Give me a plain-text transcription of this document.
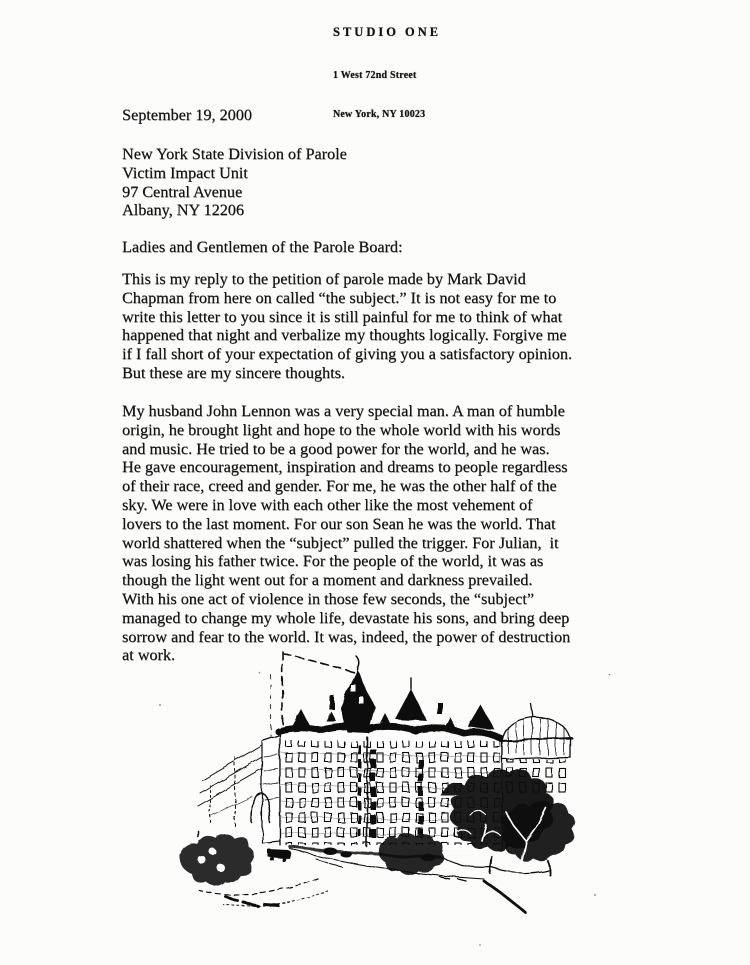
STUDIO ONE

1 West 72nd Street

New York, NY 10023

September 19, 2000
New York State Division of Parole
Victim Impact Unit
97 Central Avenue
Albany, NY 12206
Ladies and Gentlemen of the Parole Board:
This is my reply to the petition of parole made by Mark David
Chapman from here on called “the subject.” It is not easy for me to
write this letter to you since it is still painful for me to think of what
happened that night and verbalize my thoughts logically. Forgive me
if I fall short of your expectation of giving you a satisfactory opinion.
But these are my sincere thoughts.
My husband John Lennon was a very special man. A man of humble
origin, he brought light and hope to the whole world with his words
and music. He tried to be a good power for the world, and he was.
He gave encouragement, inspiration and dreams to people regardless
of their race, creed and gender. For me, he was the other half of the
sky. We were in love with each other like the most vehement of
lovers to the last moment. For our son Sean he was the world. That
world shattered when the “subject” pulled the trigger. For Julian,  it
was losing his father twice. For the people of the world, it was as
though the light went out for a moment and darkness prevailed.
With his one act of violence in those few seconds, the “subject”
managed to change my whole life, devastate his sons, and bring deep
sorrow and fear to the world. It was, indeed, the power of destruction
at work.
